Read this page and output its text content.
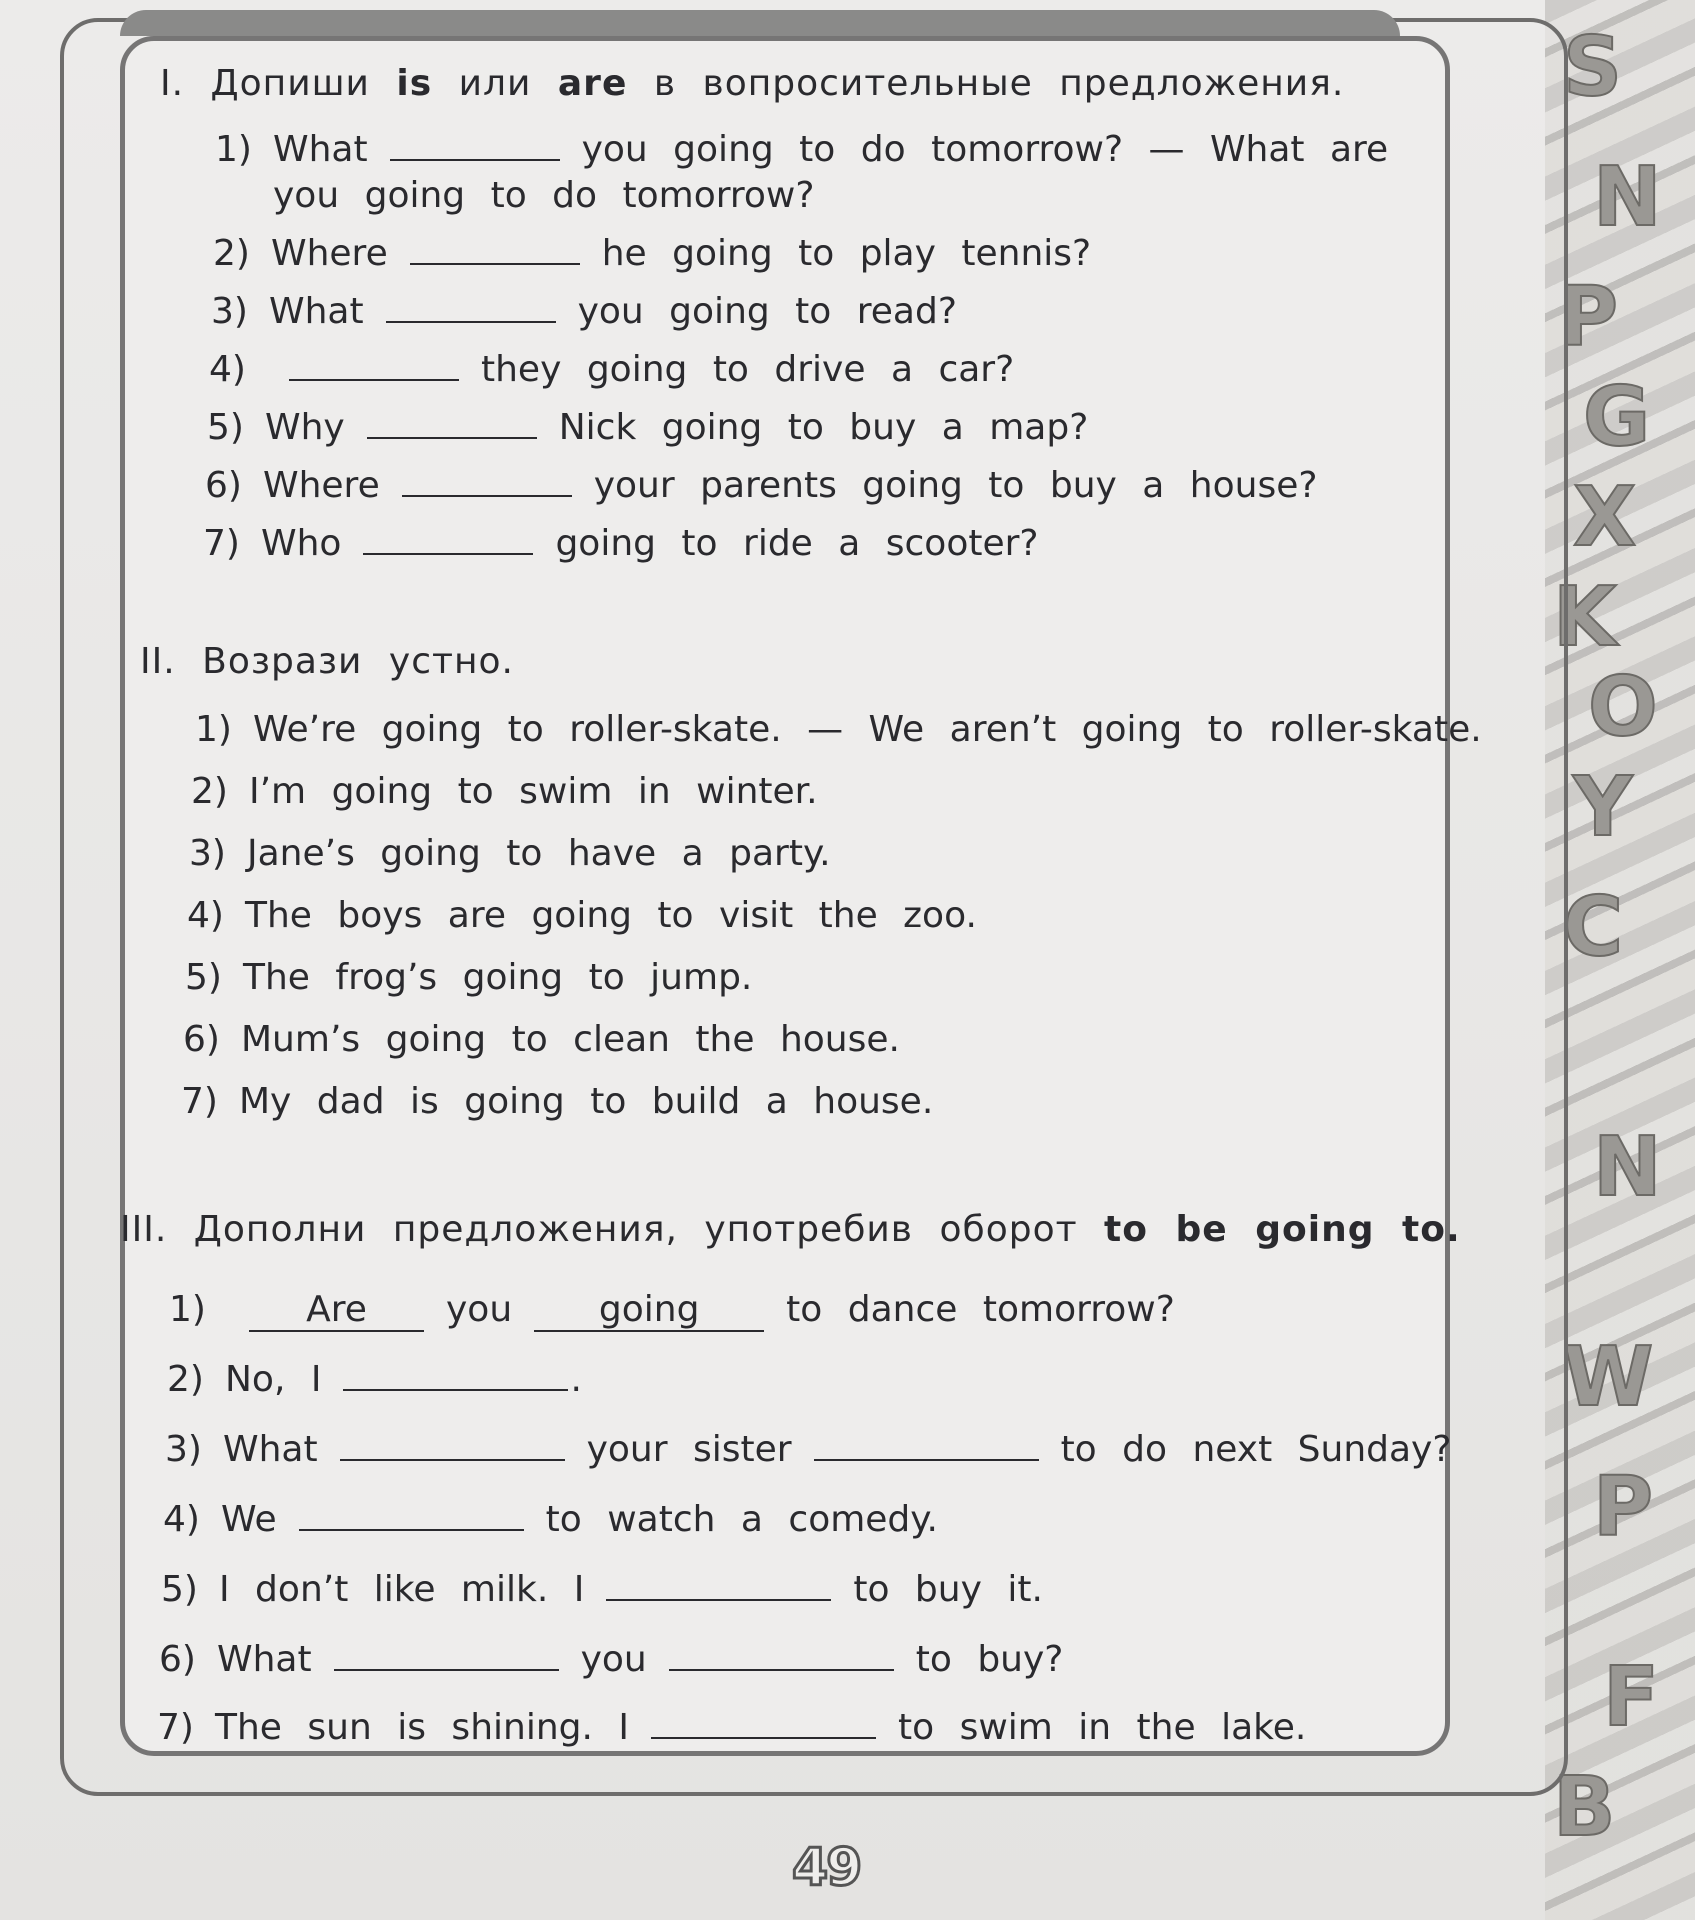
S
N
P
G
X
K
O
Y
C
N
W
P
B
F
I. Допиши is или are в вопросительные предложения.
1) What	you going to do tomorrow? — What are
you going to do tomorrow?
2) Where	he going to play tennis?
3) What	you going to read?
4)	they going to drive a car?
5) Why	Nick going to buy a map?
6) Where	your parents going to buy a house?
7) Who	going to ride a scooter?
II. Возрази устно.
1) We’re going to roller-skate. — We aren’t going to roller-skate.
2) I’m going to swim in winter.
3) Jane’s going to have a party.
4) The boys are going to visit the zoo.
5) The frog’s going to jump.
6) Mum’s going to clean the house.
7) My dad is going to build a house.
III. Дополни предложения, употребив оборот to be going to.
1)	Are you going to dance tomorrow?
2) No, I	.
3) What	your sister	to do next Sunday?
4) We	to watch a comedy.
5) I don’t like milk. I	to buy it.
6) What	you	to buy?
7) The sun is shining. I	to swim in the lake.
49
